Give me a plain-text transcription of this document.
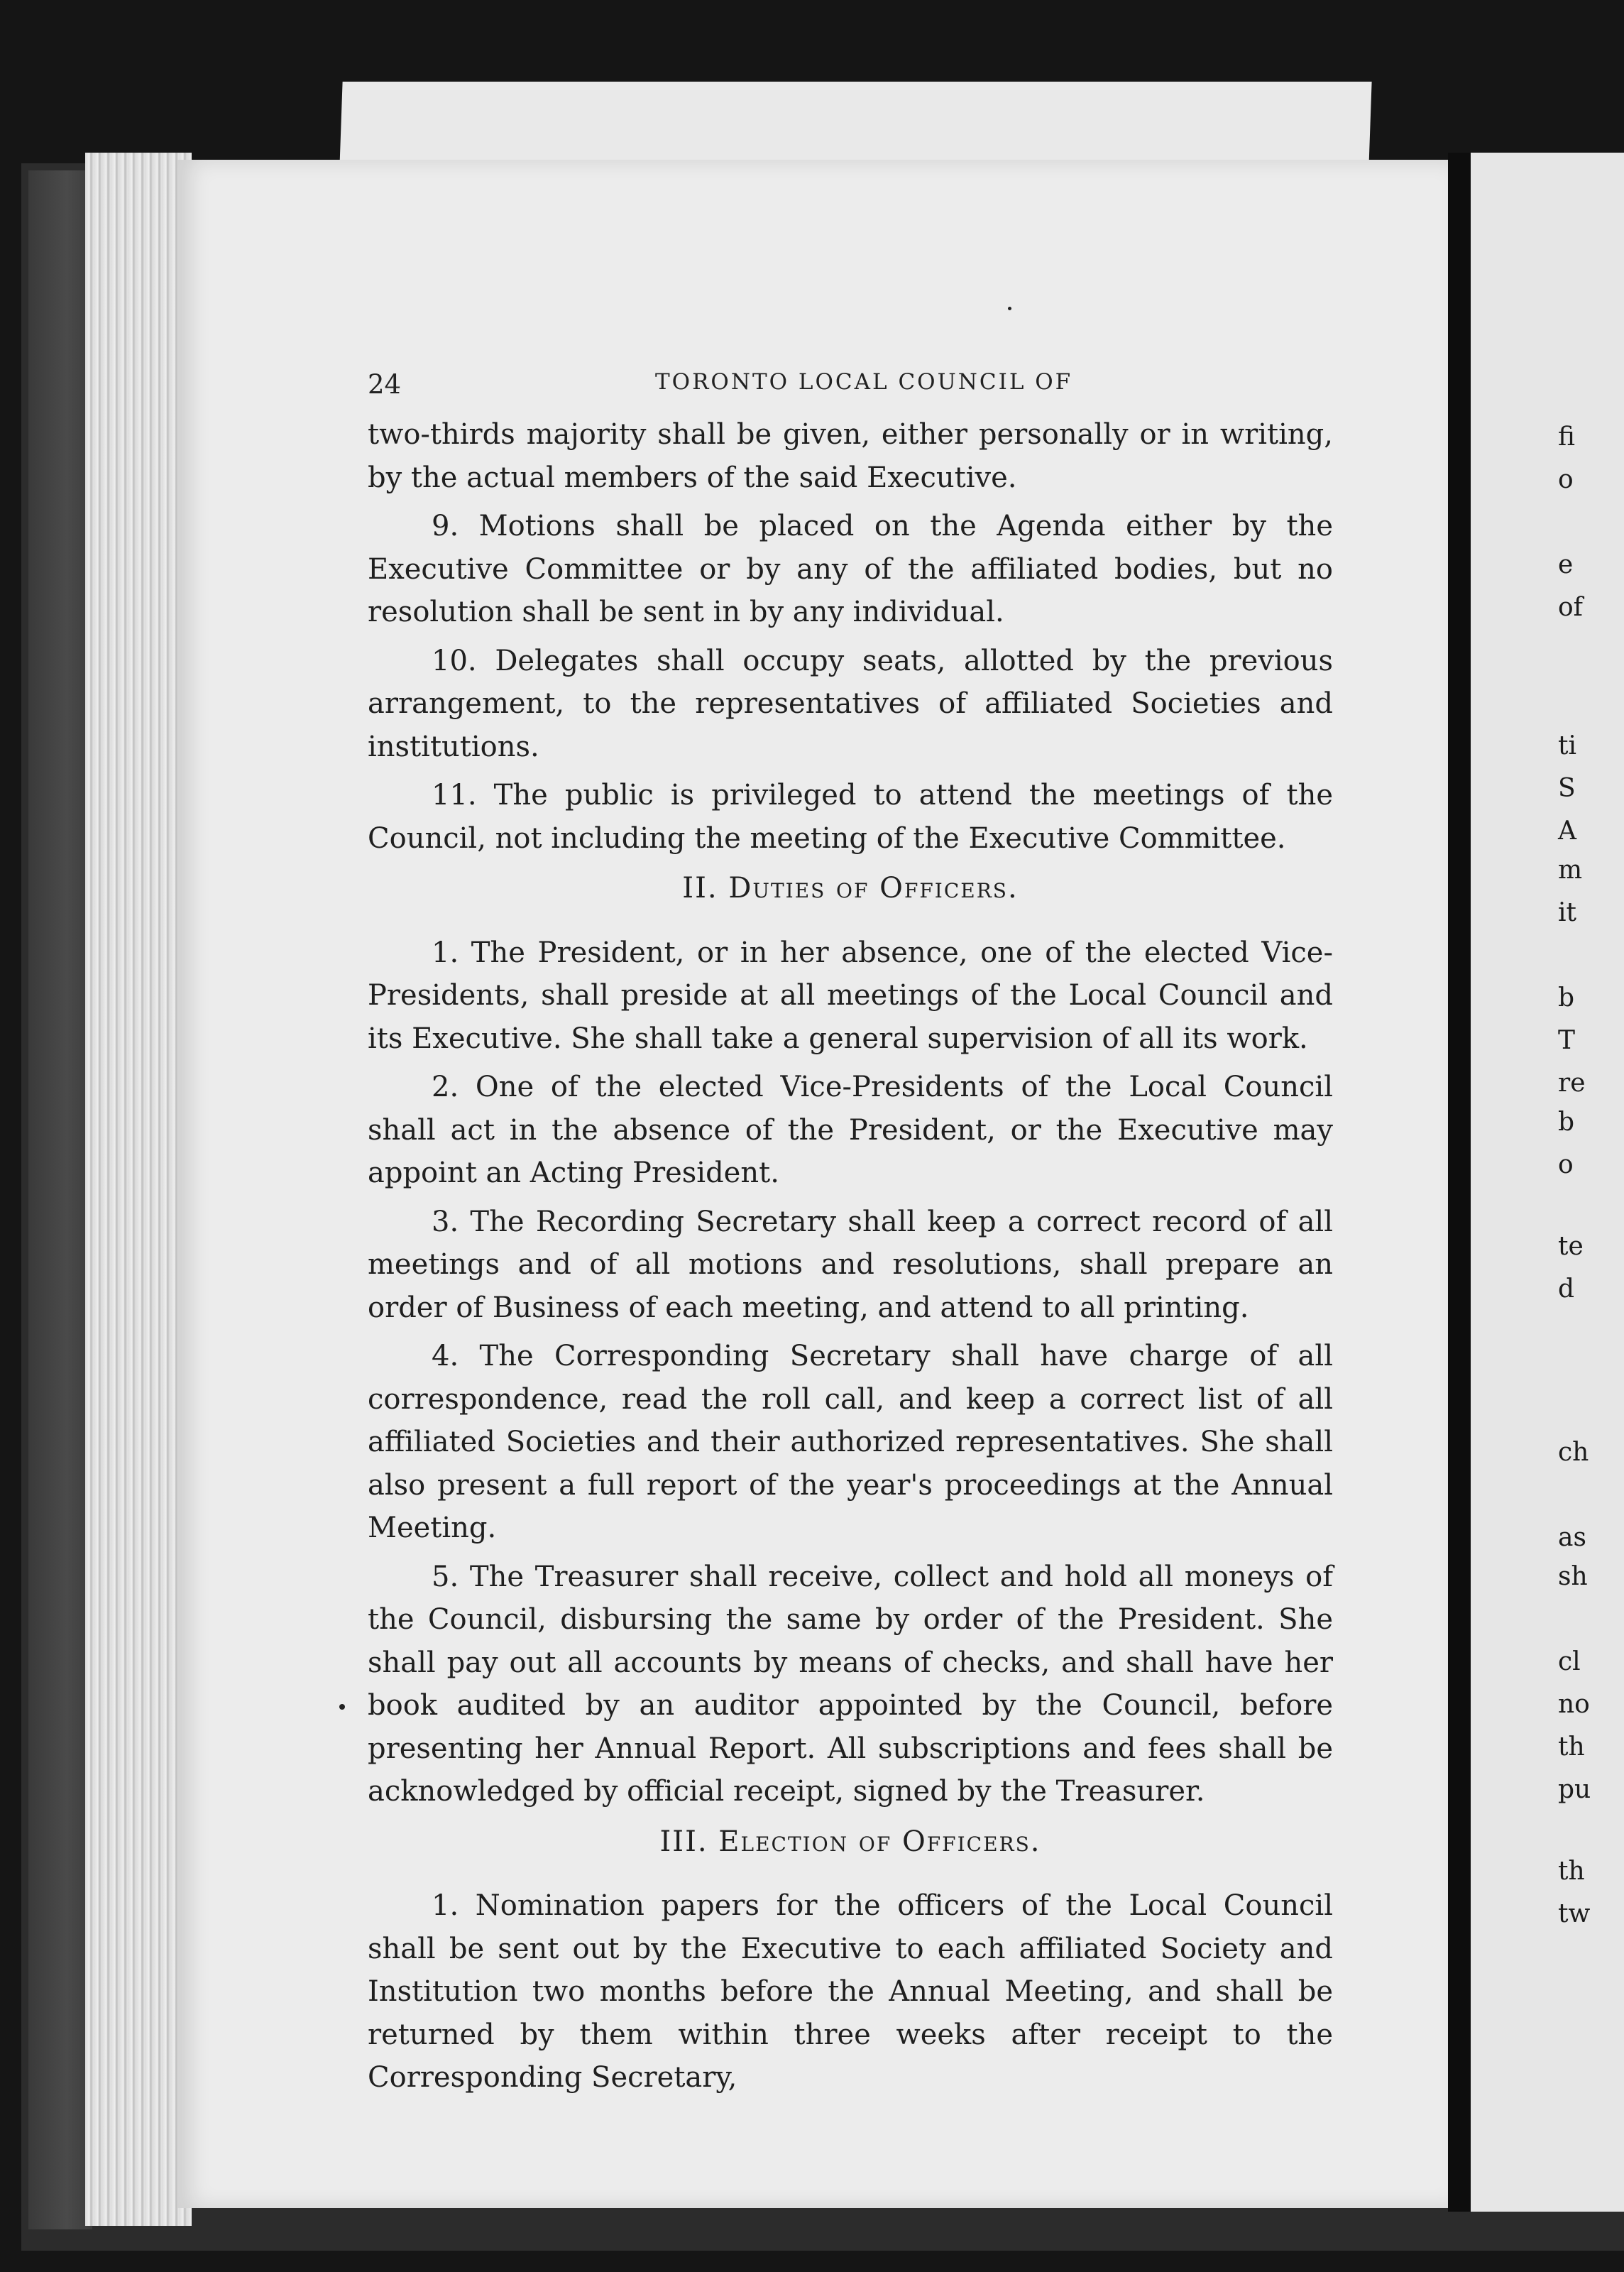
24	TORONTO LOCAL COUNCIL OF

two-thirds majority shall be given, either personally or in writing, by the actual members of the said Executive.

9. Motions shall be placed on the Agenda either by the Executive Committee or by any of the affiliated bodies, but no resolution shall be sent in by any individual.

10. Delegates shall occupy seats, allotted by the previous arrangement, to the representatives of affiliated Societies and institutions.

11. The public is privileged to attend the meetings of the Council, not including the meeting of the Executive Committee.

II. Duties of Officers.

1. The President, or in her absence, one of the elected Vice-Presidents, shall preside at all meetings of the Local Council and its Executive. She shall take a general supervision of all its work.

2. One of the elected Vice-Presidents of the Local Council shall act in the absence of the President, or the Executive may appoint an Acting President.

3. The Recording Secretary shall keep a correct record of all meetings and of all motions and resolutions, shall prepare an order of Business of each meeting, and attend to all printing.

4. The Corresponding Secretary shall have charge of all correspondence, read the roll call, and keep a correct list of all affiliated Societies and their authorized representatives. She shall also present a full report of the year's proceedings at the Annual Meeting.

5. The Treasurer shall receive, collect and hold all moneys of the Council, disbursing the same by order of the President. She shall pay out all accounts by means of checks, and shall have her book audited by an auditor appointed by the Council, before presenting her Annual Report. All subscriptions and fees shall be acknowledged by official receipt, signed by the Treasurer.

III. Election of Officers.

1. Nomination papers for the officers of the Local Council shall be sent out by the Executive to each affiliated Society and Institution two months before the Annual Meeting, and shall be returned by them within three weeks after receipt to the Corresponding Secretary,

fi
o
e
of
ti
S
A
m
it
b
T
re
b
o
te
d
ch
as
sh
cl
no
th
pu
th
tw
